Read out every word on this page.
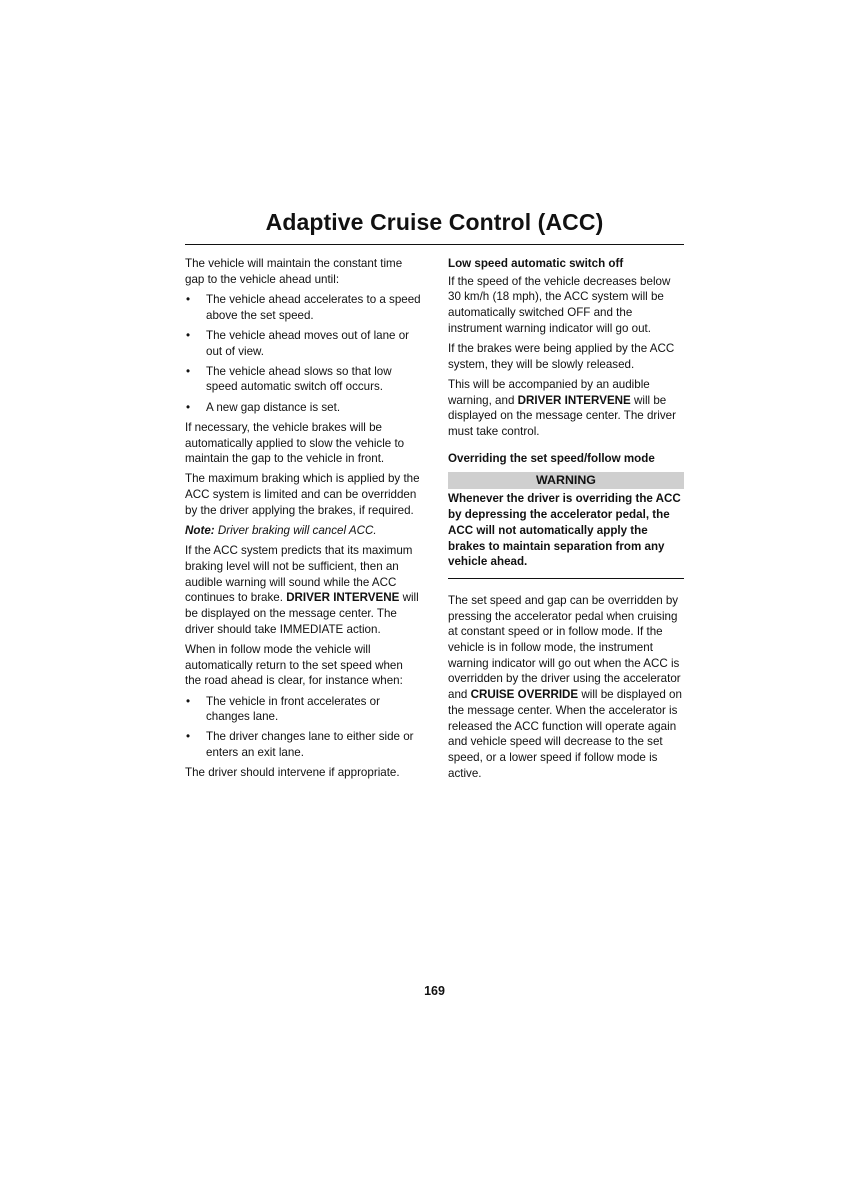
Adaptive Cruise Control (ACC)

The vehicle will maintain the constant time gap to the vehicle ahead until:

The vehicle ahead accelerates to a speed above the set speed.
The vehicle ahead moves out of lane or out of view.
The vehicle ahead slows so that low speed automatic switch off occurs.
A new gap distance is set.

If necessary, the vehicle brakes will be automatically applied to slow the vehicle to maintain the gap to the vehicle in front.

The maximum braking which is applied by the ACC system is limited and can be overridden by the driver applying the brakes, if required.

Note: Driver braking will cancel ACC.

If the ACC system predicts that its maximum braking level will not be sufficient, then an audible warning will sound while the ACC continues to brake. DRIVER INTERVENE will be displayed on the message center. The driver should take IMMEDIATE action.

When in follow mode the vehicle will automatically return to the set speed when the road ahead is clear, for instance when:

The vehicle in front accelerates or changes lane.
The driver changes lane to either side or enters an exit lane.

The driver should intervene if appropriate.

Low speed automatic switch off

If the speed of the vehicle decreases below 30 km/h (18 mph), the ACC system will be automatically switched OFF and the instrument warning indicator will go out.

If the brakes were being applied by the ACC system, they will be slowly released.

This will be accompanied by an audible warning, and DRIVER INTERVENE will be displayed on the message center. The driver must take control.

Overriding the set speed/follow mode

WARNING
Whenever the driver is overriding the ACC by depressing the accelerator pedal, the ACC will not automatically apply the brakes to maintain separation from any vehicle ahead.

The set speed and gap can be overridden by pressing the accelerator pedal when cruising at constant speed or in follow mode. If the vehicle is in follow mode, the instrument warning indicator will go out when the ACC is overridden by the driver using the accelerator and CRUISE OVERRIDE will be displayed on the message center. When the accelerator is released the ACC function will operate again and vehicle speed will decrease to the set speed, or a lower speed if follow mode is active.

169
